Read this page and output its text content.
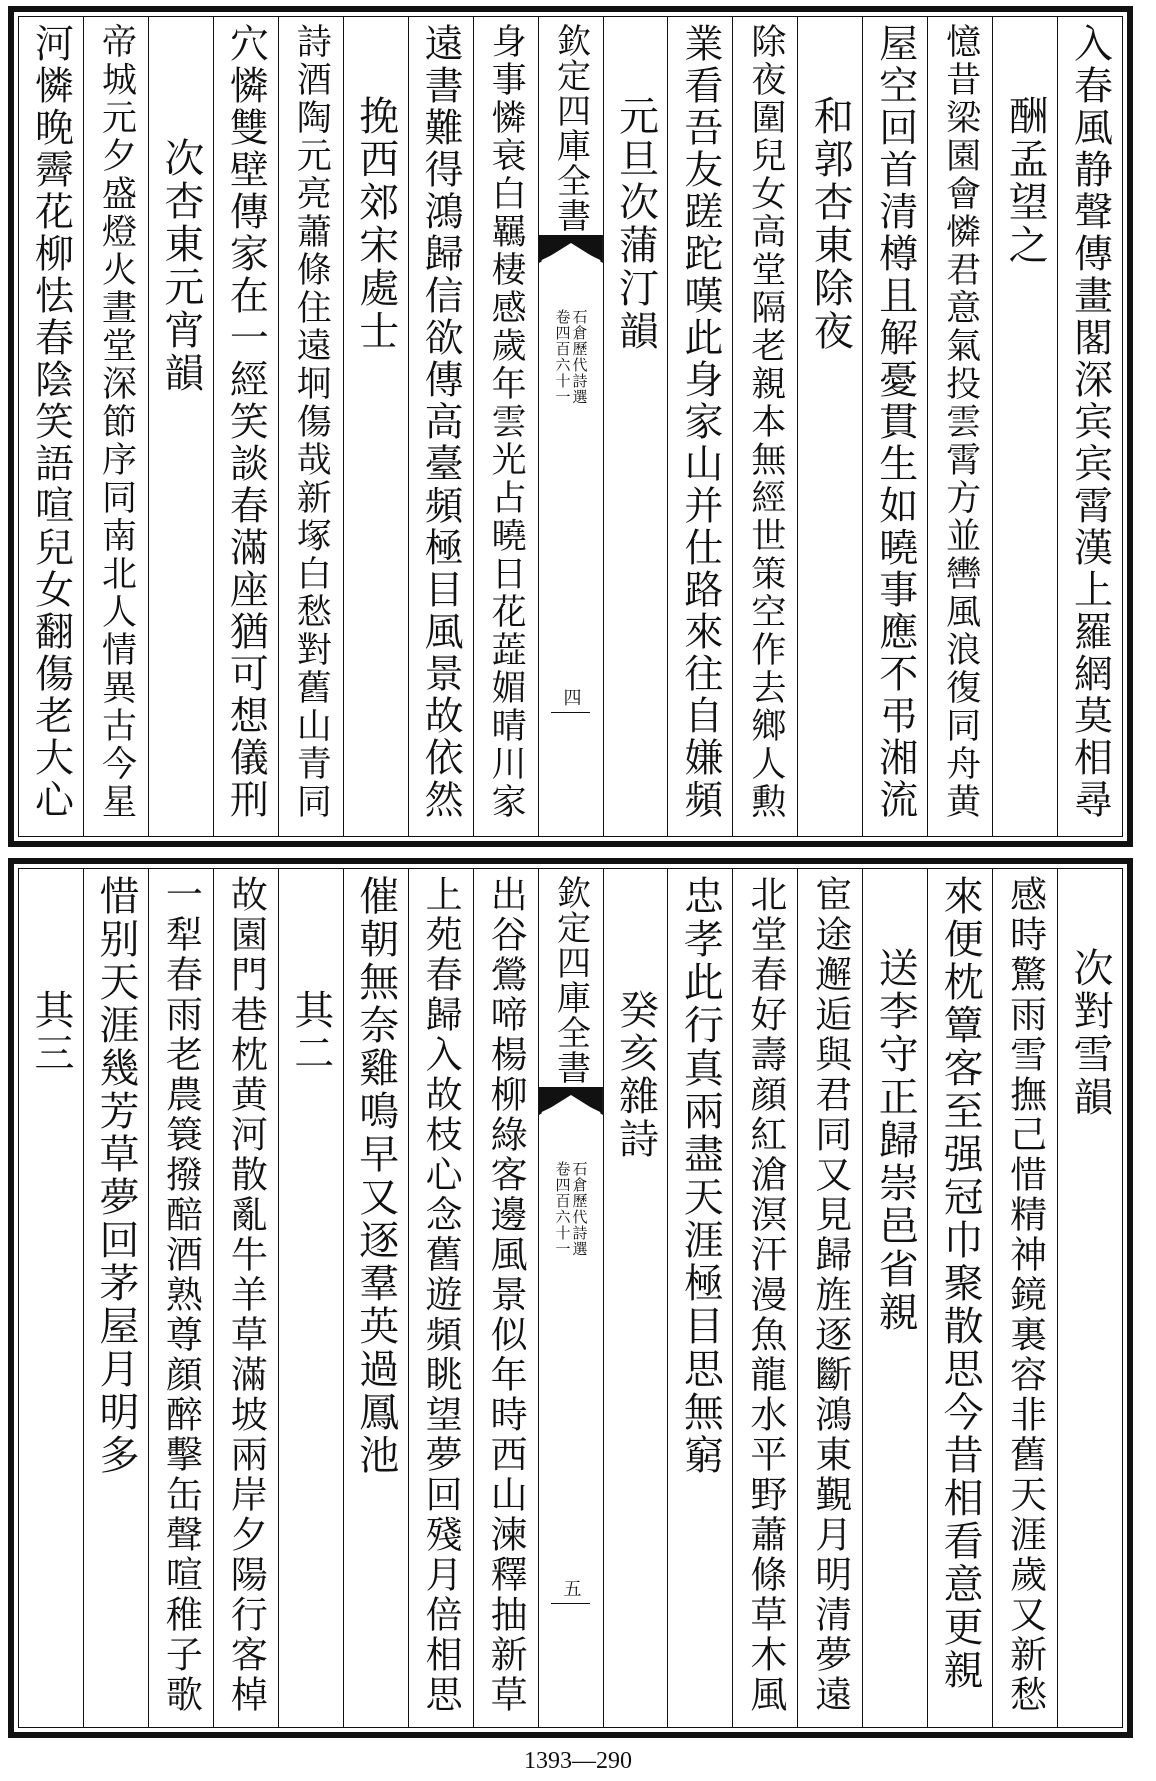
入春風静聲傳畫閣深宾宾霄漢上羅網莫相尋
酬孟望之
憶昔梁園會憐君意氣投雲霄方並轡風浪復同舟黄
屋空回首清樽且解憂貫生如曉事應不弔湘流
和郭杏東除夜
除夜圍兒女高堂隔老親本無經世策空作去鄉人勲
業看吾友蹉跎嘆此身家山并仕路來往自嫌頻
元旦次蒲汀韻
欽定四庫全書
石倉歷代詩選
卷四百六十一
四
身事憐衰白羈棲感歲年雲光占曉日花蕋媚晴川家
遠書難得鴻歸信欲傳高臺頻極目風景故依然
挽西郊宋處士
詩酒陶元亮蕭條住遠坰傷哉新塚白愁對舊山青同
穴憐雙壁傳家在一經笑談春滿座猶可想儀刑
次杏東元宵韻
帝城元夕盛燈火晝堂深節序同南北人情異古今星
河憐晚霽花柳怯春陰笑語喧兒女翻傷老大心
次對雪韻
感時驚雨雪撫己惜精神鏡裏容非舊天涯歲又新愁
來便枕簟客至强冠巾聚散思今昔相看意更親
送李守正歸崇邑省親
宦途邂逅與君同又見歸旌逐斷鴻東覲月明清夢遠
北堂春好壽顔紅滄溟汗漫魚龍水平野蕭條草木風
忠孝此行真兩盡天涯極目思無窮
癸亥雜詩
欽定四庫全書
石倉歷代詩選
卷四百六十一
五
出谷鶯啼楊柳綠客邊風景似年時西山湅釋抽新草
上苑春歸入故枝心念舊遊頻眺望夢回殘月倍相思
催朝無奈雞鳴早又逐羣英過鳳池
其二
故園門巷枕黄河散亂牛羊草滿坡兩岸夕陽行客棹
一犁春雨老農簑撥醅酒熟尊顔醉擊缶聲喧稚子歌
惜别天涯幾芳草夢回茅屋月明多
其三
1393—290
